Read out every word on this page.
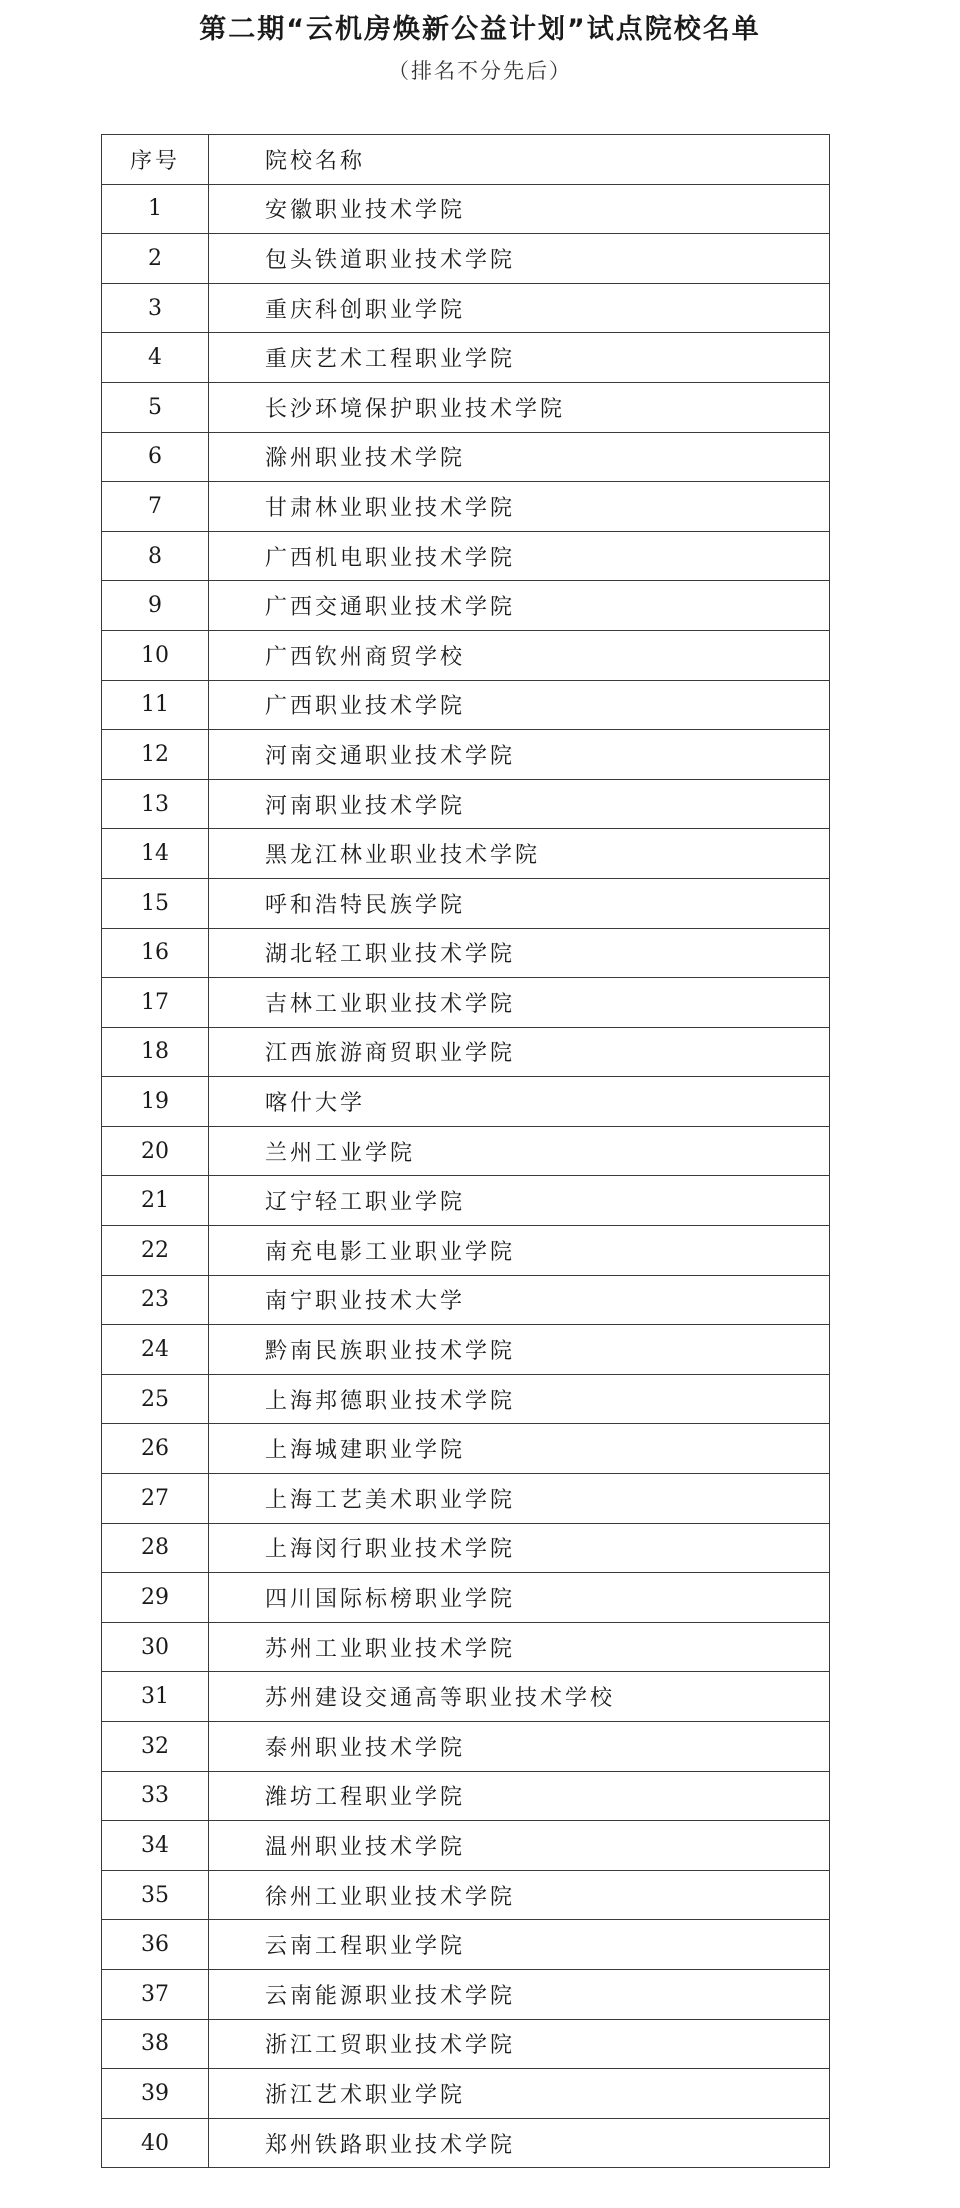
第二期“云机房焕新公益计划”试点院校名单
（排名不分先后）
序号	院校名称
1	安徽职业技术学院
2	包头铁道职业技术学院
3	重庆科创职业学院
4	重庆艺术工程职业学院
5	长沙环境保护职业技术学院
6	滁州职业技术学院
7	甘肃林业职业技术学院
8	广西机电职业技术学院
9	广西交通职业技术学院
10	广西钦州商贸学校
11	广西职业技术学院
12	河南交通职业技术学院
13	河南职业技术学院
14	黑龙江林业职业技术学院
15	呼和浩特民族学院
16	湖北轻工职业技术学院
17	吉林工业职业技术学院
18	江西旅游商贸职业学院
19	喀什大学
20	兰州工业学院
21	辽宁轻工职业学院
22	南充电影工业职业学院
23	南宁职业技术大学
24	黔南民族职业技术学院
25	上海邦德职业技术学院
26	上海城建职业学院
27	上海工艺美术职业学院
28	上海闵行职业技术学院
29	四川国际标榜职业学院
30	苏州工业职业技术学院
31	苏州建设交通高等职业技术学校
32	泰州职业技术学院
33	潍坊工程职业学院
34	温州职业技术学院
35	徐州工业职业技术学院
36	云南工程职业学院
37	云南能源职业技术学院
38	浙江工贸职业技术学院
39	浙江艺术职业学院
40	郑州铁路职业技术学院
